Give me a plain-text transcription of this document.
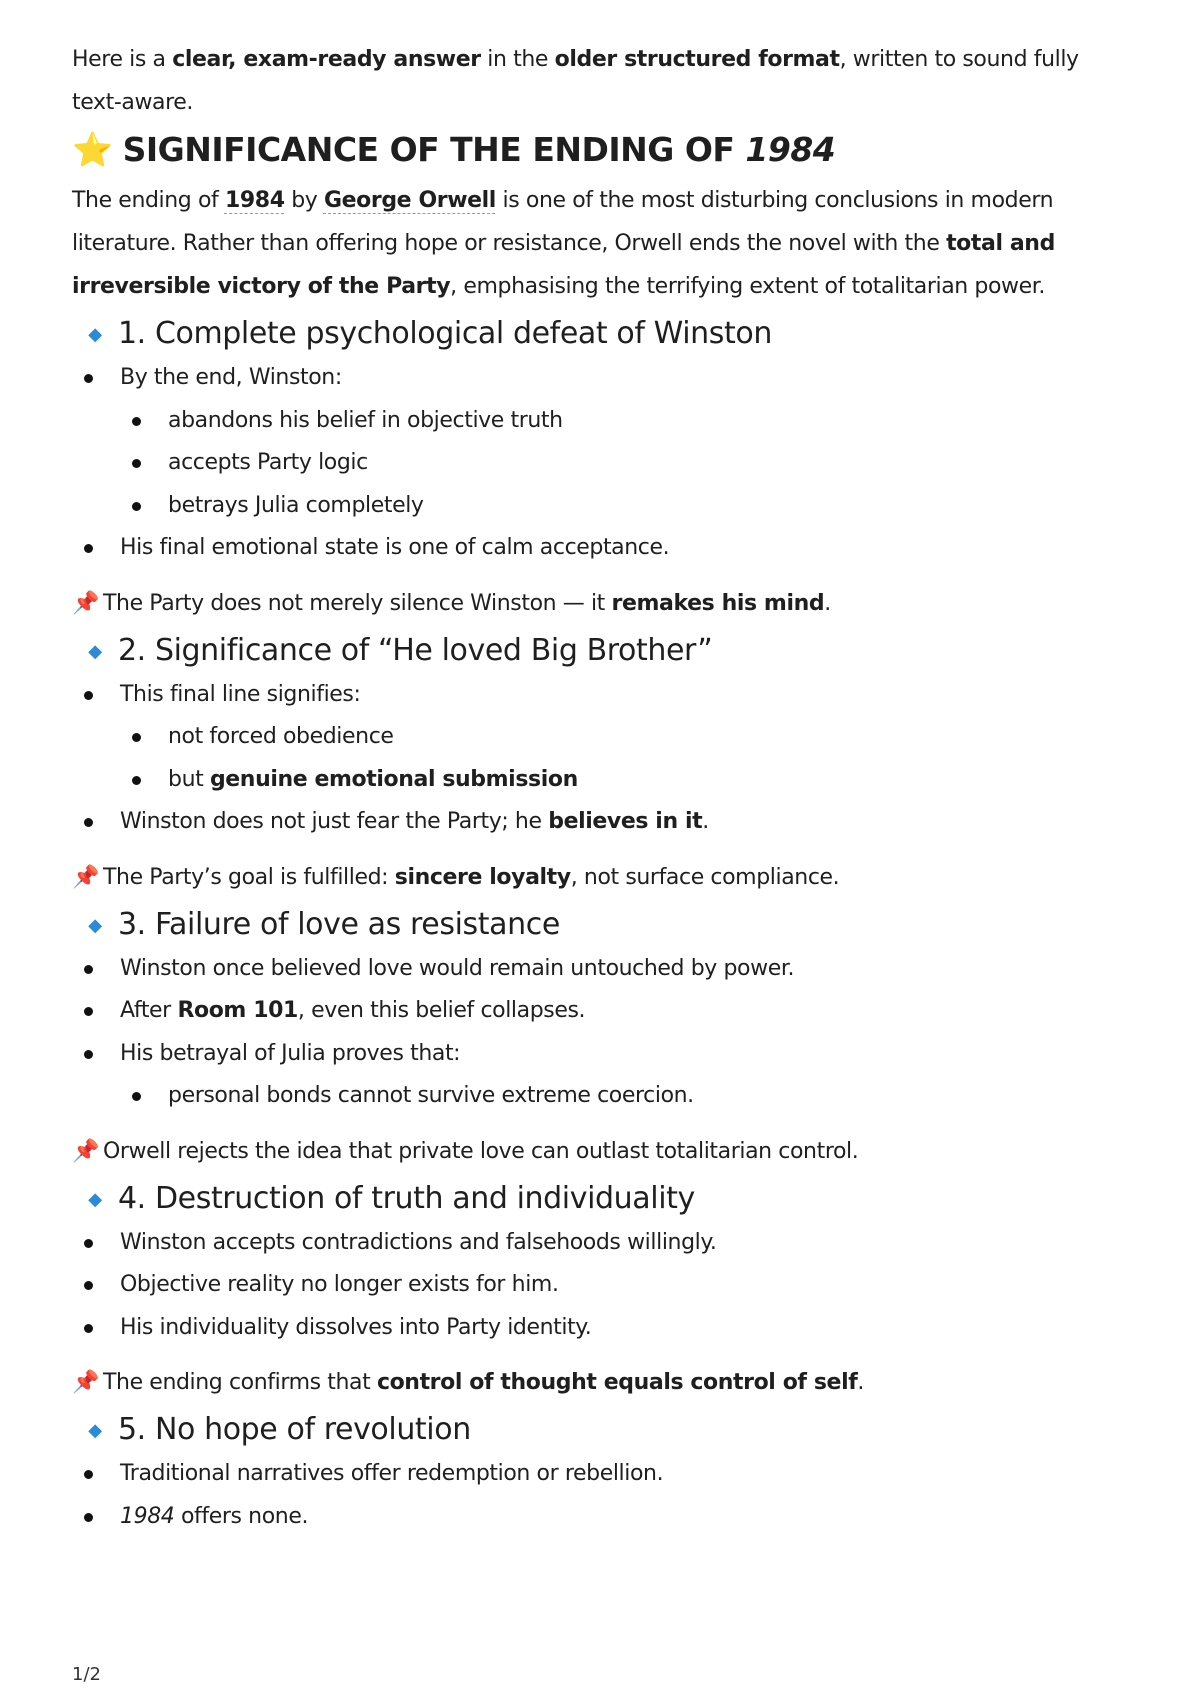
Here is a clear, exam-ready answer in the older structured format, written to sound fully text-aware.

⭐ SIGNIFICANCE OF THE ENDING OF 1984

The ending of 1984 by George Orwell is one of the most disturbing conclusions in modern literature. Rather than offering hope or resistance, Orwell ends the novel with the total and irreversible victory of the Party, emphasising the terrifying extent of totalitarian power.

◆ 1. Complete psychological defeat of Winston
By the end, Winston:
abandons his belief in objective truth
accepts Party logic
betrays Julia completely
His final emotional state is one of calm acceptance.
📌 The Party does not merely silence Winston — it remakes his mind.
◆ 2. Significance of “He loved Big Brother”
This final line signifies:
not forced obedience
but genuine emotional submission
Winston does not just fear the Party; he believes in it.
📌 The Party’s goal is fulfilled: sincere loyalty, not surface compliance.
◆ 3. Failure of love as resistance
Winston once believed love would remain untouched by power.
After Room 101, even this belief collapses.
His betrayal of Julia proves that:
personal bonds cannot survive extreme coercion.
📌 Orwell rejects the idea that private love can outlast totalitarian control.
◆ 4. Destruction of truth and individuality
Winston accepts contradictions and falsehoods willingly.
Objective reality no longer exists for him.
His individuality dissolves into Party identity.
📌 The ending confirms that control of thought equals control of self.
◆ 5. No hope of revolution
Traditional narratives offer redemption or rebellion.
1984 offers none.
1/2
